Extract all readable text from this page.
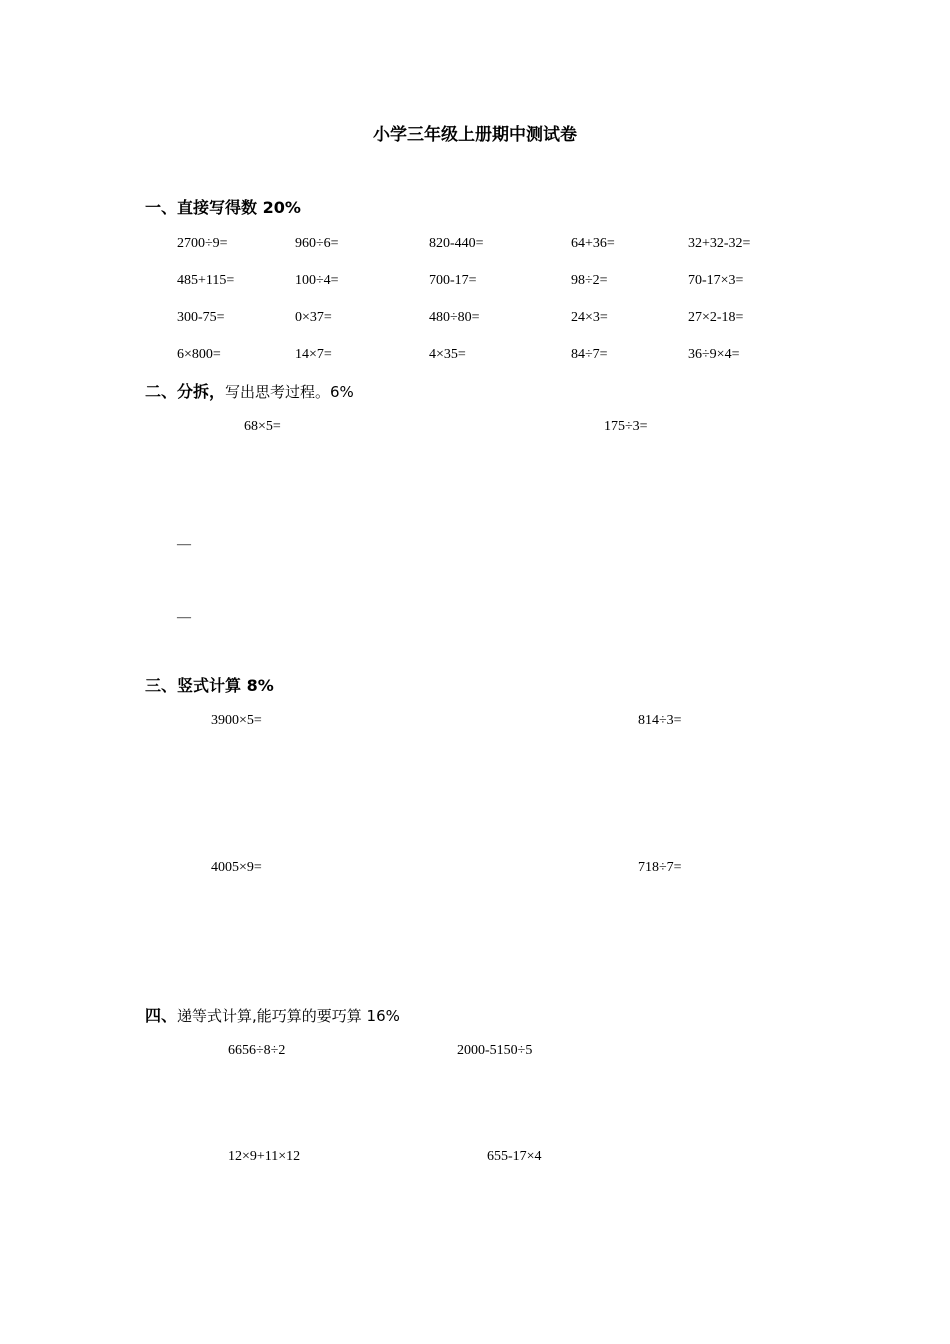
小学三年级上册期中测试卷
一、直接写得数 20%
2700÷9=	960÷6=	820-440=	64+36=	32+32-32=
485+115=	100÷4=	700-17=	98÷2=	70-17×3=
300-75=	0×37=	480÷80=	24×3=	27×2-18=
6×800=	14×7=	4×35=	84÷7=	36÷9×4=
二、分拆，写出思考过程。6%
68×5=	175÷3=
—
—
三、竖式计算 8%
3900×5=	814÷3=
4005×9=	718÷7=
四、递等式计算,能巧算的要巧算 16%
6656÷8÷2	2000-5150÷5
12×9+11×12	655-17×4
